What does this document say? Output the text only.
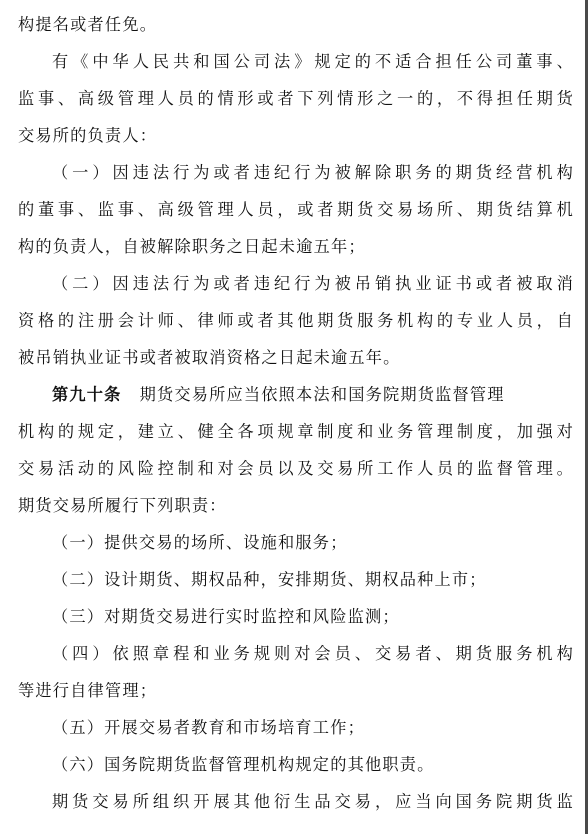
构提名或者任免。
有《中华人民共和国公司法》规定的不适合担任公司董事、
监事、高级管理人员的情形或者下列情形之一的，不得担任期货
交易所的负责人：
（一）因违法行为或者违纪行为被解除职务的期货经营机构
的董事、监事、高级管理人员，或者期货交易场所、期货结算机
构的负责人，自被解除职务之日起未逾五年；
（二）因违法行为或者违纪行为被吊销执业证书或者被取消
资格的注册会计师、律师或者其他期货服务机构的专业人员，自
被吊销执业证书或者被取消资格之日起未逾五年。
第九十条 期货交易所应当依照本法和国务院期货监督管理
机构的规定，建立、健全各项规章制度和业务管理制度，加强对
交易活动的风险控制和对会员以及交易所工作人员的监督管理。
期货交易所履行下列职责：
（一）提供交易的场所、设施和服务；
（二）设计期货、期权品种，安排期货、期权品种上市；
（三）对期货交易进行实时监控和风险监测；
（四）依照章程和业务规则对会员、交易者、期货服务机构
等进行自律管理；
（五）开展交易者教育和市场培育工作；
（六）国务院期货监督管理机构规定的其他职责。
期货交易所组织开展其他衍生品交易，应当向国务院期货监
